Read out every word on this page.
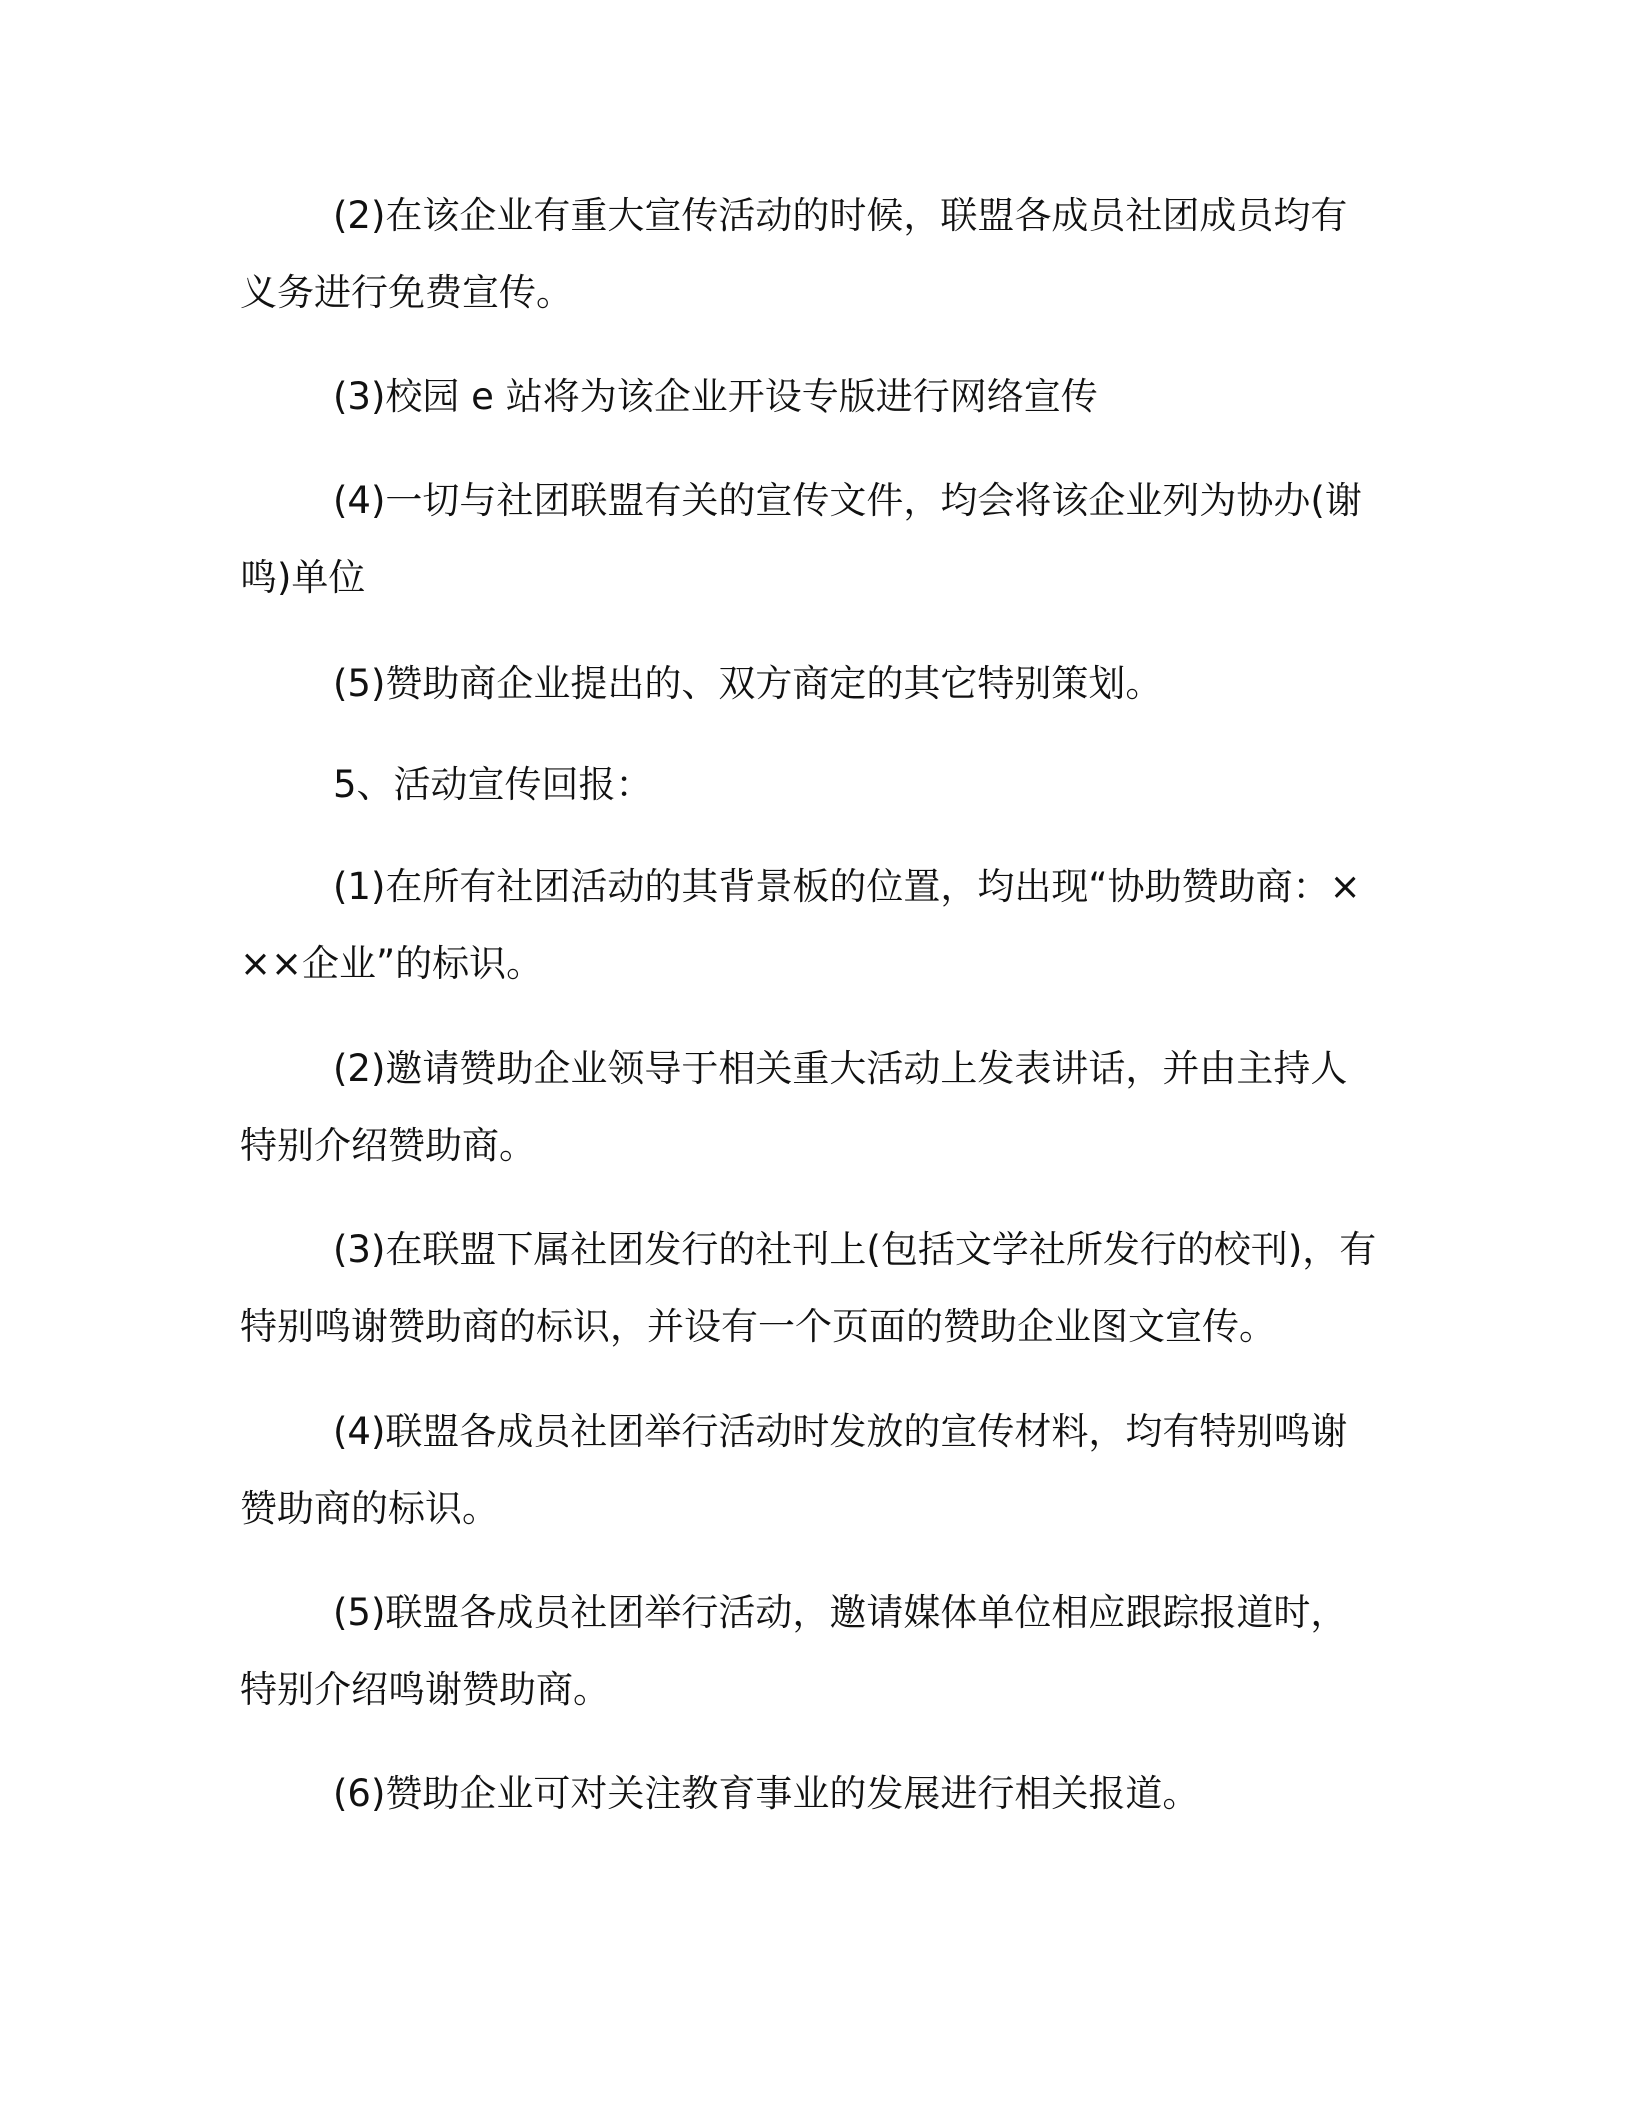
(2)在该企业有重大宣传活动的时候，联盟各成员社团成员均有义务进行免费宣传。

(3)校园 e 站将为该企业开设专版进行网络宣传

(4)一切与社团联盟有关的宣传文件，均会将该企业列为协办(谢鸣)单位

(5)赞助商企业提出的、双方商定的其它特别策划。

5、活动宣传回报：

(1)在所有社团活动的其背景板的位置，均出现“协助赞助商：×××企业”的标识。

(2)邀请赞助企业领导于相关重大活动上发表讲话，并由主持人特别介绍赞助商。

(3)在联盟下属社团发行的社刊上(包括文学社所发行的校刊)，有特别鸣谢赞助商的标识，并设有一个页面的赞助企业图文宣传。

(4)联盟各成员社团举行活动时发放的宣传材料，均有特别鸣谢赞助商的标识。

(5)联盟各成员社团举行活动，邀请媒体单位相应跟踪报道时，特别介绍鸣谢赞助商。

(6)赞助企业可对关注教育事业的发展进行相关报道。
